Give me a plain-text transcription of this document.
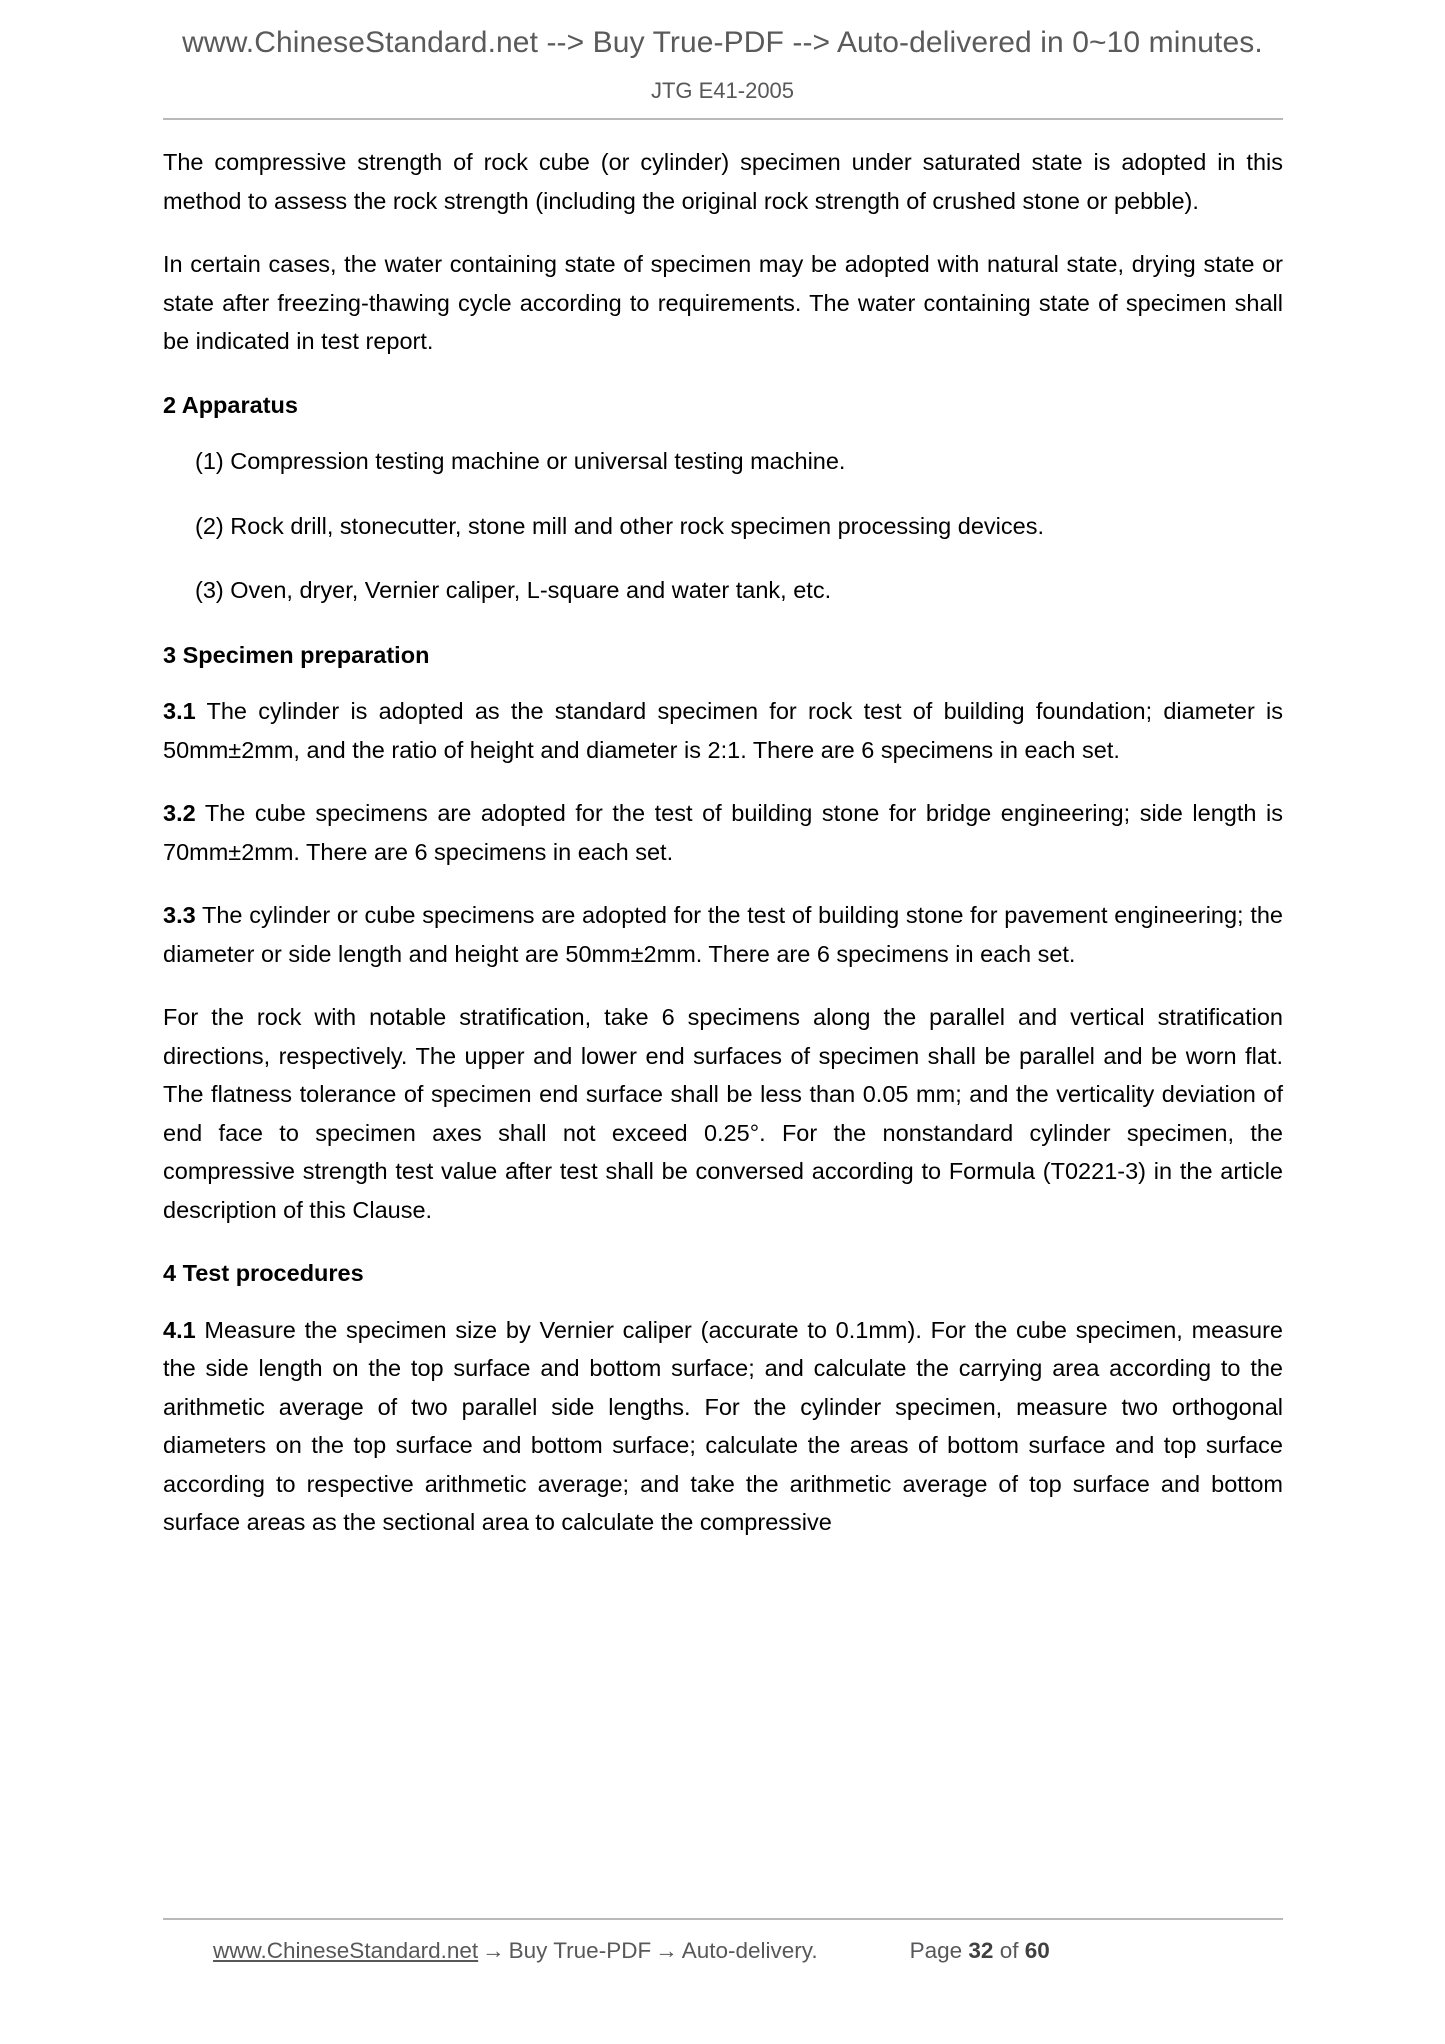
www.ChineseStandard.net --> Buy True-PDF --> Auto-delivered in 0~10 minutes.
JTG E41-2005

The compressive strength of rock cube (or cylinder) specimen under saturated state is adopted in this method to assess the rock strength (including the original rock strength of crushed stone or pebble).

In certain cases, the water containing state of specimen may be adopted with natural state, drying state or state after freezing-thawing cycle according to requirements. The water containing state of specimen shall be indicated in test report.

2 Apparatus

(1) Compression testing machine or universal testing machine.

(2) Rock drill, stonecutter, stone mill and other rock specimen processing devices.

(3) Oven, dryer, Vernier caliper, L-square and water tank, etc.

3 Specimen preparation

3.1 The cylinder is adopted as the standard specimen for rock test of building foundation; diameter is 50mm±2mm, and the ratio of height and diameter is 2:1. There are 6 specimens in each set.

3.2 The cube specimens are adopted for the test of building stone for bridge engineering; side length is 70mm±2mm. There are 6 specimens in each set.

3.3 The cylinder or cube specimens are adopted for the test of building stone for pavement engineering; the diameter or side length and height are 50mm±2mm. There are 6 specimens in each set.

For the rock with notable stratification, take 6 specimens along the parallel and vertical stratification directions, respectively. The upper and lower end surfaces of specimen shall be parallel and be worn flat. The flatness tolerance of specimen end surface shall be less than 0.05 mm; and the verticality deviation of end face to specimen axes shall not exceed 0.25°. For the nonstandard cylinder specimen, the compressive strength test value after test shall be conversed according to Formula (T0221-3) in the article description of this Clause.

4 Test procedures

4.1 Measure the specimen size by Vernier caliper (accurate to 0.1mm). For the cube specimen, measure the side length on the top surface and bottom surface; and calculate the carrying area according to the arithmetic average of two parallel side lengths. For the cylinder specimen, measure two orthogonal diameters on the top surface and bottom surface; calculate the areas of bottom surface and top surface according to respective arithmetic average; and take the arithmetic average of top surface and bottom surface areas as the sectional area to calculate the compressive

www.ChineseStandard.net → Buy True-PDF → Auto-delivery.	Page 32 of 60
